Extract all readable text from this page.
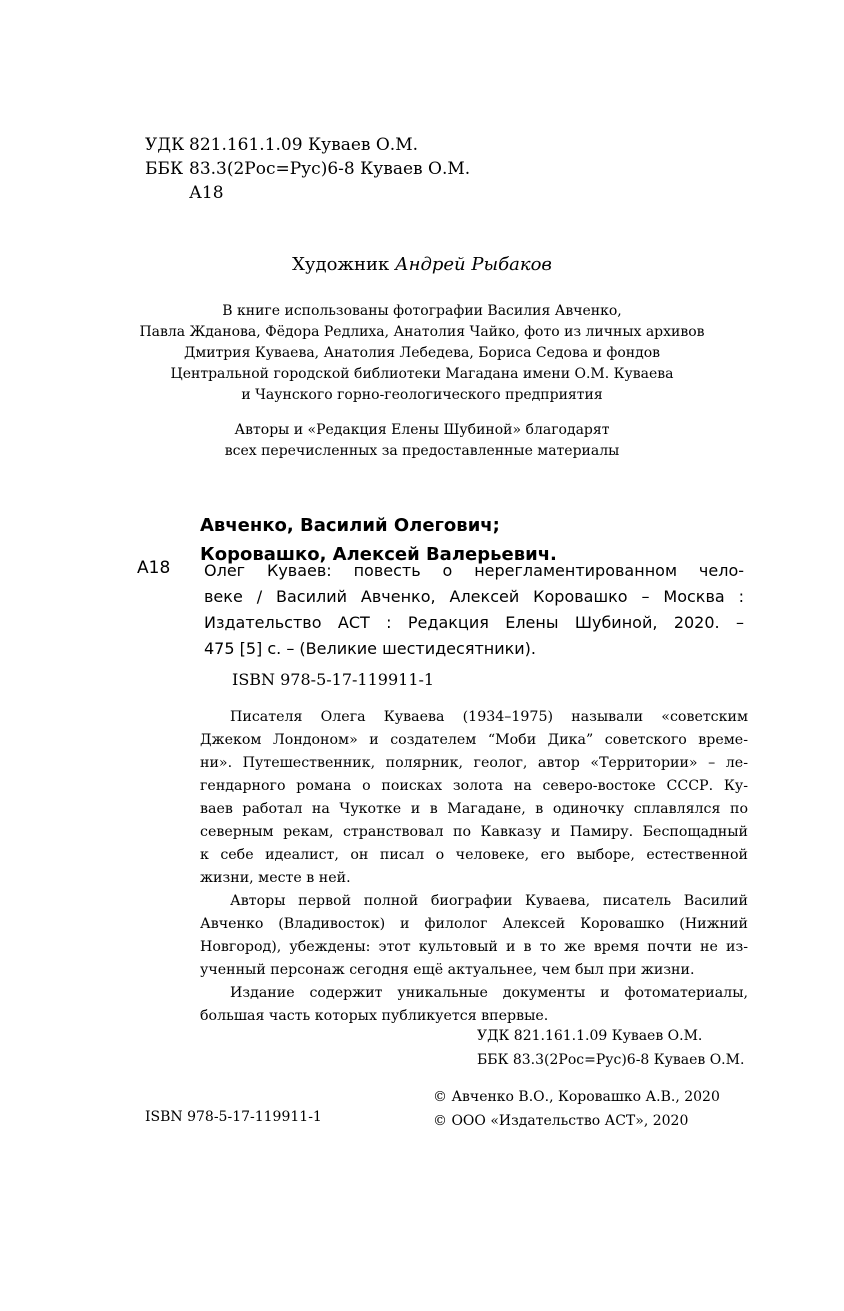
УДК 821.161.1.09 Куваев О.М.
ББК 83.3(2Рос=Рус)6-8 Куваев О.М.
А18
Художник Андрей Рыбаков
В книге использованы фотографии Василия Авченко,
Павла Жданова, Фёдора Редлиха, Анатолия Чайко, фото из личных архивов
Дмитрия Куваева, Анатолия Лебедева, Бориса Седова и фондов
Центральной городской библиотеки Магадана имени О.М. Куваева
и Чаунского горно-геологического предприятия
Авторы и «Редакция Елены Шубиной» благодарят
всех перечисленных за предоставленные материалы
Авченко, Василий Олегович;
Коровашко, Алексей Валерьевич.
А18 Олег Куваев: повесть о нерегламентированном чело-
веке / Василий Авченко, Алексей Коровашко – Москва :
Издательство АСТ : Редакция Елены Шубиной, 2020. –
475 [5] с. – (Великие шестидесятники).
ISBN 978-5-17-119911-1
Писателя Олега Куваева (1934–1975) называли «советским
Джеком Лондоном» и создателем “Моби Дика” советского време-
ни». Путешественник, полярник, геолог, автор «Территории» – ле-
гендарного романа о поисках золота на северо-востоке СССР. Ку-
ваев работал на Чукотке и в Магадане, в одиночку сплавлялся по
северным рекам, странствовал по Кавказу и Памиру. Беспощадный
к себе идеалист, он писал о человеке, его выборе, естественной
жизни, месте в ней.
Авторы первой полной биографии Куваева, писатель Василий
Авченко (Владивосток) и филолог Алексей Коровашко (Нижний
Новгород), убеждены: этот культовый и в то же время почти не из-
ученный персонаж сегодня ещё актуальнее, чем был при жизни.
Издание содержит уникальные документы и фотоматериалы,
большая часть которых публикуется впервые.
УДК 821.161.1.09 Куваев О.М.
ББК 83.3(2Рос=Рус)6-8 Куваев О.М.
© Авченко В.О., Коровашко А.В., 2020
© ООО «Издательство АСТ», 2020
ISBN 978-5-17-119911-1
